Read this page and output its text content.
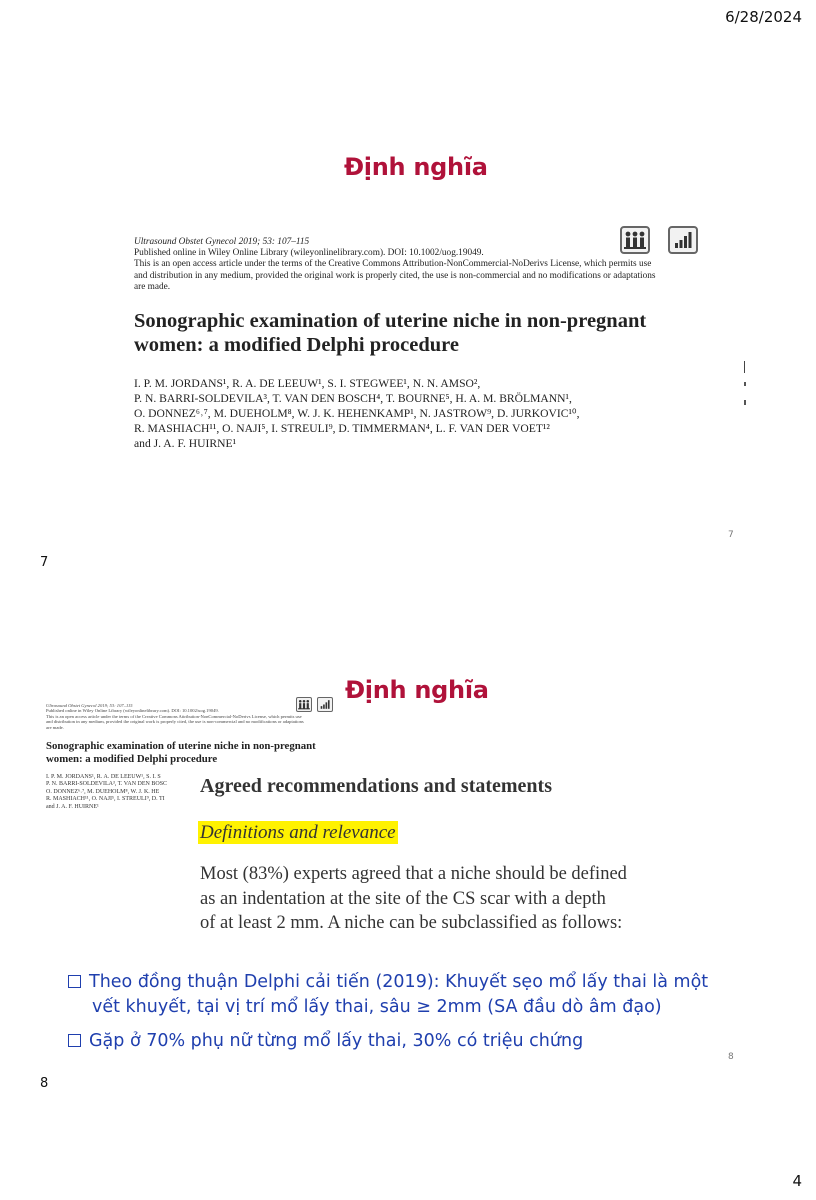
6/28/2024
4
Định nghĩa
Ultrasound Obstet Gynecol 2019; 53: 107–115
Published online in Wiley Online Library (wileyonlinelibrary.com). DOI: 10.1002/uog.19049.
This is an open access article under the terms of the Creative Commons Attribution-NonCommercial-NoDerivs License, which permits use
and distribution in any medium, provided the original work is properly cited, the use is non-commercial and no modifications or adaptations
are made.
Sonographic examination of uterine niche in non-pregnant
women: a modified Delphi procedure
I. P. M. JORDANS¹, R. A. DE LEEUW¹, S. I. STEGWEE¹, N. N. AMSO²,
P. N. BARRI-SOLDEVILA³, T. VAN DEN BOSCH⁴, T. BOURNE⁵, H. A. M. BRÖLMANN¹,
O. DONNEZ⁶˒⁷, M. DUEHOLM⁸, W. J. K. HEHENKAMP¹, N. JASTROW⁹, D. JURKOVIC¹⁰,
R. MASHIACH¹¹, O. NAJI⁵, I. STREULI⁹, D. TIMMERMAN⁴, L. F. VAN DER VOET¹²
and J. A. F. HUIRNE¹
7
7
Định nghĩa
Ultrasound Obstet Gynecol 2019; 53: 107–115
Published online in Wiley Online Library (wileyonlinelibrary.com). DOI: 10.1002/uog.19049.
This is an open access article under the terms of the Creative Commons Attribution-NonCommercial-NoDerivs License, which permits use
and distribution in any medium, provided the original work is properly cited, the use is non-commercial and no modifications or adaptations
are made.
Sonographic examination of uterine niche in non-pregnant
women: a modified Delphi procedure
I. P. M. JORDANS¹, R. A. DE LEEUW¹, S. I. S
P. N. BARRI-SOLDEVILA³, T. VAN DEN BOSC
O. DONNEZ⁶˒⁷, M. DUEHOLM⁸, W. J. K. HE
R. MASHIACH¹¹, O. NAJI⁵, I. STREULI⁹, D. TI
and J. A. F. HUIRNE¹
Agreed recommendations and statements
Definitions and relevance
Most (83%) experts agreed that a niche should be defined
as an indentation at the site of the CS scar with a depth
of at least 2 mm. A niche can be subclassified as follows:
Theo đồng thuận Delphi cải tiến (2019): Khuyết sẹo mổ lấy thai là một
vết khuyết, tại vị trí mổ lấy thai, sâu ≥ 2mm (SA đầu dò âm đạo)
Gặp ở 70% phụ nữ từng mổ lấy thai, 30% có triệu chứng
8
8
